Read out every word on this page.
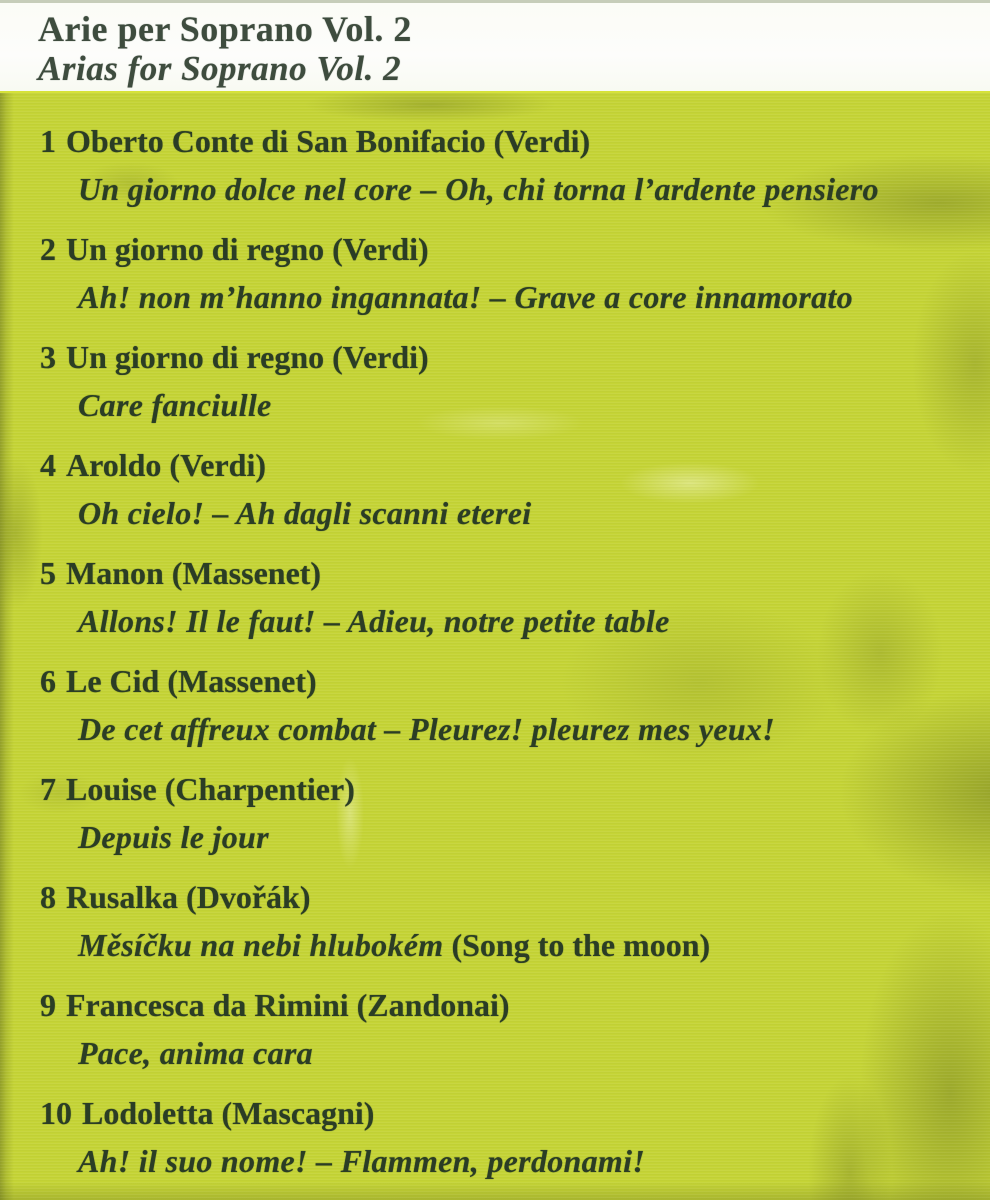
Arie per Soprano Vol. 2
Arias for Soprano Vol. 2
1 Oberto Conte di San Bonifacio (Verdi)
Un giorno dolce nel core – Oh, chi torna l’ardente pensiero
2 Un giorno di regno (Verdi)
Ah! non m’hanno ingannata! – Grave a core innamorato
3 Un giorno di regno (Verdi)
Care fanciulle
4 Aroldo (Verdi)
Oh cielo! – Ah dagli scanni eterei
5 Manon (Massenet)
Allons! Il le faut! – Adieu, notre petite table
6 Le Cid (Massenet)
De cet affreux combat – Pleurez! pleurez mes yeux!
7 Louise (Charpentier)
Depuis le jour
8 Rusalka (Dvořák)
Měsíčku na nebi hlubokém (Song to the moon)
9 Francesca da Rimini (Zandonai)
Pace, anima cara
10 Lodoletta (Mascagni)
Ah! il suo nome! – Flammen, perdonami!
